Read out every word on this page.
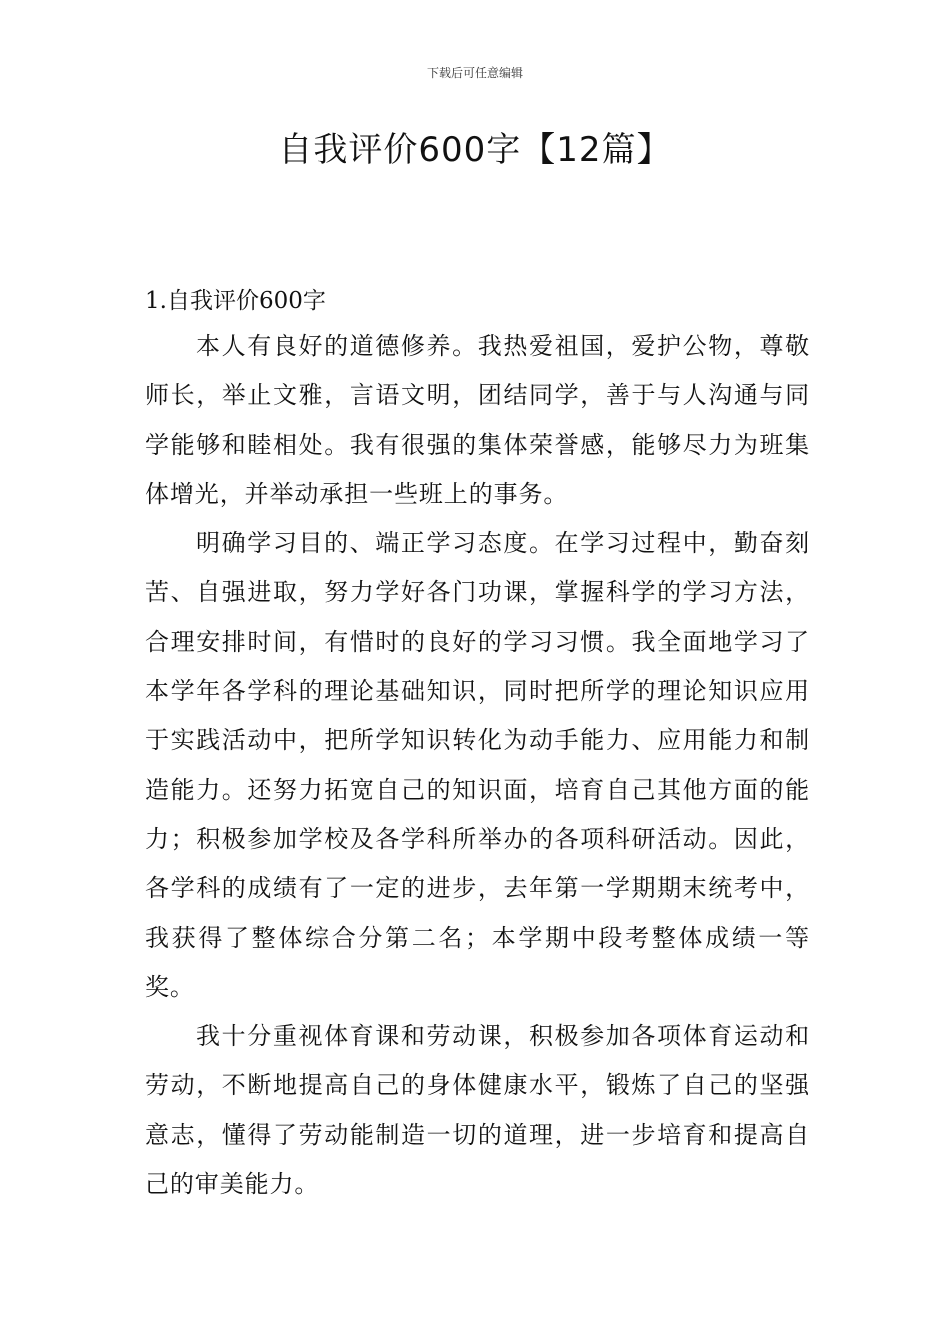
下载后可任意编辑
自我评价600字【12篇】

1.自我评价600字

本人有良好的道德修养。我热爱祖国，爱护公物，尊敬师长，举止文雅，言语文明，团结同学，善于与人沟通与同学能够和睦相处。我有很强的集体荣誉感，能够尽力为班集体增光，并举动承担一些班上的事务。

明确学习目的、端正学习态度。在学习过程中，勤奋刻苦、自强进取，努力学好各门功课，掌握科学的学习方法，合理安排时间，有惜时的良好的学习习惯。我全面地学习了本学年各学科的理论基础知识，同时把所学的理论知识应用于实践活动中，把所学知识转化为动手能力、应用能力和制造能力。还努力拓宽自己的知识面，培育自己其他方面的能力；积极参加学校及各学科所举办的各项科研活动。因此，各学科的成绩有了一定的进步，去年第一学期期末统考中，我获得了整体综合分第二名；本学期中段考整体成绩一等奖。

我十分重视体育课和劳动课，积极参加各项体育运动和劳动，不断地提高自己的身体健康水平，锻炼了自己的坚强意志，懂得了劳动能制造一切的道理，进一步培育和提高自己的审美能力。
